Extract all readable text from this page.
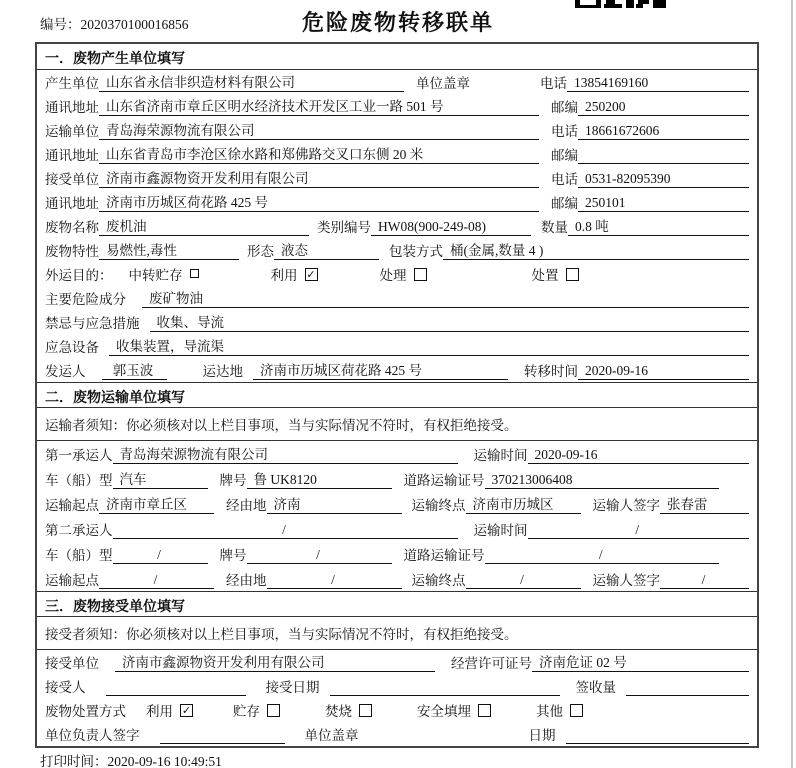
编号：2020370100016856	危险废物转移联单
一．废物产生单位填写
产生单位 山东省永信非织造材料有限公司	单位盖章	电话 13854169160
通讯地址 山东省济南市章丘区明水经济技术开发区工业一路 501 号	邮编 250200
运输单位 青岛海荣源物流有限公司	电话 18661672606
通讯地址 山东省青岛市李沧区徐水路和郑佛路交叉口东侧 20 米	邮编
接受单位 济南市鑫源物资开发利用有限公司	电话 0531-82095390
通讯地址 济南市历城区荷花路 425 号	邮编 250101
废物名称 废机油	类别编号 HW08(900-249-08)	数量 0.8 吨
废物特性 易燃性,毒性	形态 液态	包装方式 桶(金属,数量 4 )
外运目的： 中转贮存	利用 ✓	处理	处置
主要危险成分	废矿物油
禁忌与应急措施	收集、导流
应急设备	收集装置，导流渠
发运人	郭玉波	运达地	济南市历城区荷花路 425 号	转移时间 2020-09-16
二．废物运输单位填写
运输者须知：你必须核对以上栏目事项，当与实际情况不符时，有权拒绝接受。
第一承运人 青岛海荣源物流有限公司	运输时间 2020-09-16
车（船）型 汽车	牌号 鲁 UK8120	道路运输证号 370213006408
运输起点 济南市章丘区	经由地 济南	运输终点 济南市历城区	运输人签字 张春雷
第二承运人	/	运输时间	/
车（船）型	/	牌号	/	道路运输证号	/
运输起点	/	经由地	/	运输终点	/	运输人签字	/
三．废物接受单位填写
接受者须知：你必须核对以上栏目事项，当与实际情况不符时，有权拒绝接受。
接受单位	济南市鑫源物资开发利用有限公司	经营许可证号 济南危证 02 号
接受人	接受日期	签收量
废物处置方式 利用 ✓	贮存	焚烧	安全填埋	其他
单位负责人签字	单位盖章	日期
打印时间：2020-09-16 10:49:51
